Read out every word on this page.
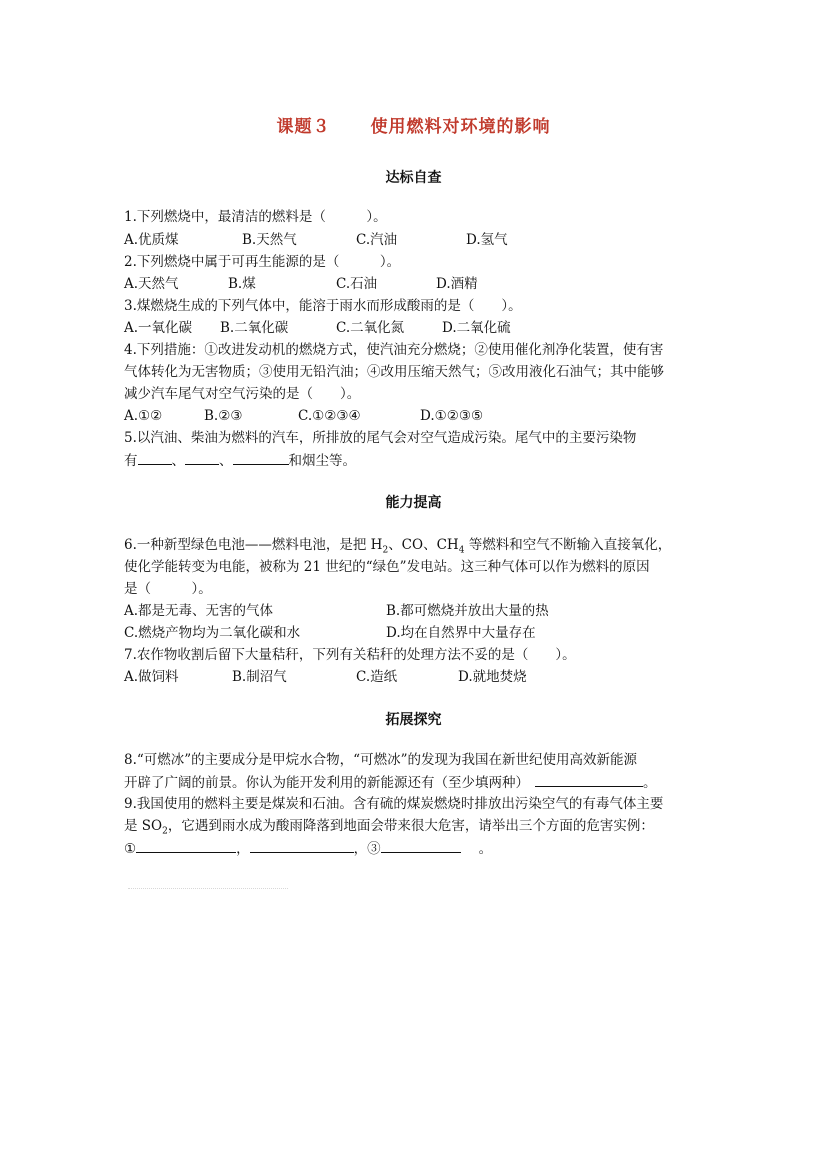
课题３ 使用燃料对环境的影响
达标自查
1.下列燃烧中，最清洁的燃料是（　　　）。
A.优质煤	B.天然气	C.汽油	D.氢气
2.下列燃烧中属于可再生能源的是（　　　）。
A.天然气	B.煤	C.石油	D.酒精
3.煤燃烧生成的下列气体中，能溶于雨水而形成酸雨的是（　　）。
A.一氧化碳 B.二氧化碳	C.二氧化氮	D.二氧化硫
4.下列措施：①改进发动机的燃烧方式，使汽油充分燃烧；②使用催化剂净化装置，使有害
气体转化为无害物质；③使用无铅汽油；④改用压缩天然气；⑤改用液化石油气；其中能够
减少汽车尾气对空气污染的是（　　）。
A.①②	B.②③	C.①②③④	D.①②③⑤
5.以汽油、柴油为燃料的汽车，所排放的尾气会对空气造成污染。尾气中的主要污染物
有	、	、	和烟尘等。
能力提高
6.一种新型绿色电池——燃料电池，是把 $H_2$、CO、$CH_4$ 等燃料和空气不断输入直接氧化，
使化学能转变为电能，被称为 21 世纪的“绿色”发电站。这三种气体可以作为燃料的原因
是（　　　）。
A.都是无毒、无害的气体	B.都可燃烧并放出大量的热
C.燃烧产物均为二氧化碳和水	D.均在自然界中大量存在
7.农作物收割后留下大量秸秆，下列有关秸秆的处理方法不妥的是（　　）。
A.做饲料	B.制沼气	C.造纸	D.就地焚烧
拓展探究
8.“可燃冰”的主要成分是甲烷水合物，“可燃冰”的发现为我国在新世纪使用高效新能源
开辟了广阔的前景。你认为能开发利用的新能源还有（至少填两种）	。
9.我国使用的燃料主要是煤炭和石油。含有硫的煤炭燃烧时排放出污染空气的有毒气体主要
是 $SO_2$，它遇到雨水成为酸雨降落到地面会带来很大危害，请举出三个方面的危害实例：
①	，	，③	。
